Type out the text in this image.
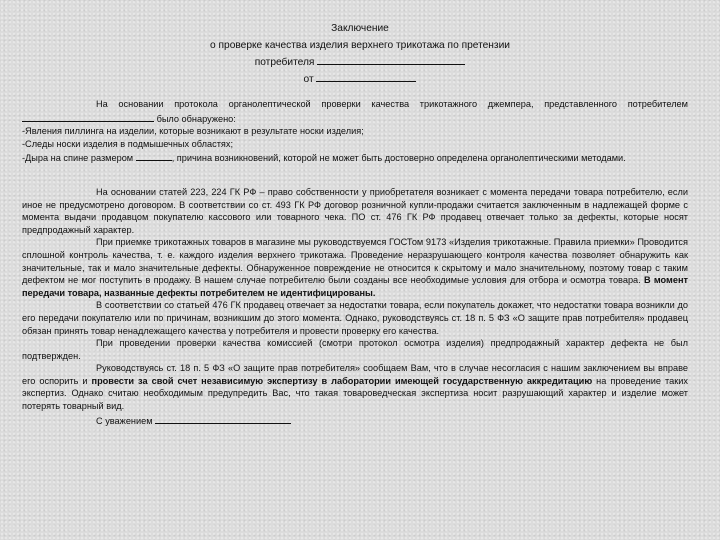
Заключение
о проверке качества изделия верхнего трикотажа по претензии
потребителя
от

На основании протокола органолептической проверки качества трикотажного джемпера, представленного потребителем  было обнаружено:

-Явления пиллинга на изделии, которые возникают в результате носки изделия;

-Следы носки изделия в подмышечных областях;

-Дыра на спине размером	, причина возникновений, которой не может быть достоверно определена органолептическими методами.

На основании статей 223, 224 ГК РФ – право собственности у приобретателя возникает с момента передачи товара потребителю, если иное не предусмотрено договором. В соответствии со ст. 493 ГК РФ договор розничной купли-продажи считается заключенным в надлежащей форме с момента выдачи продавцом покупателю кассового или товарного чека. ПО ст. 476 ГК РФ продавец отвечает только за дефекты, которые носят предпродажный характер.

При приемке трикотажных товаров в магазине мы руководствуемся ГОСТом 9173 «Изделия трикотажные. Правила приемки» Проводится сплошной контроль качества, т. е. каждого изделия верхнего трикотажа. Проведение неразрушающего контроля качества позволяет обнаружить как значительные, так и мало значительные дефекты. Обнаруженное повреждение не относится к скрытому и мало значительному, поэтому товар с таким дефектом не мог поступить в продажу. В нашем случае потребителю были созданы все необходимые условия для отбора и осмотра товара. В момент передачи товара, названные дефекты потребителем не идентифицированы.

В соответствии со статьей 476 ГК продавец отвечает за недостатки товара, если покупатель докажет, что недостатки товара возникли до его передачи покупателю или по причинам, возникшим до этого момента. Однако, руководствуясь ст. 18 п. 5 ФЗ «О защите прав потребителя» продавец обязан принять товар ненадлежащего качества у потребителя и провести проверку его качества.

При проведении проверки качества комиссией (смотри протокол осмотра изделия) предпродажный характер дефекта не был подтвержден.

Руководствуясь ст. 18 п. 5 ФЗ «О защите прав потребителя» сообщаем Вам, что в случае несогласия с нашим заключением вы вправе его оспорить и провести за свой счет независимую экспертизу в лаборатории имеющей государственную аккредитацию на проведение таких экспертиз. Однако считаю необходимым предупредить Вас, что такая товароведческая экспертиза носит разрушающий характер и изделие может потерять товарный вид.

С уважением
